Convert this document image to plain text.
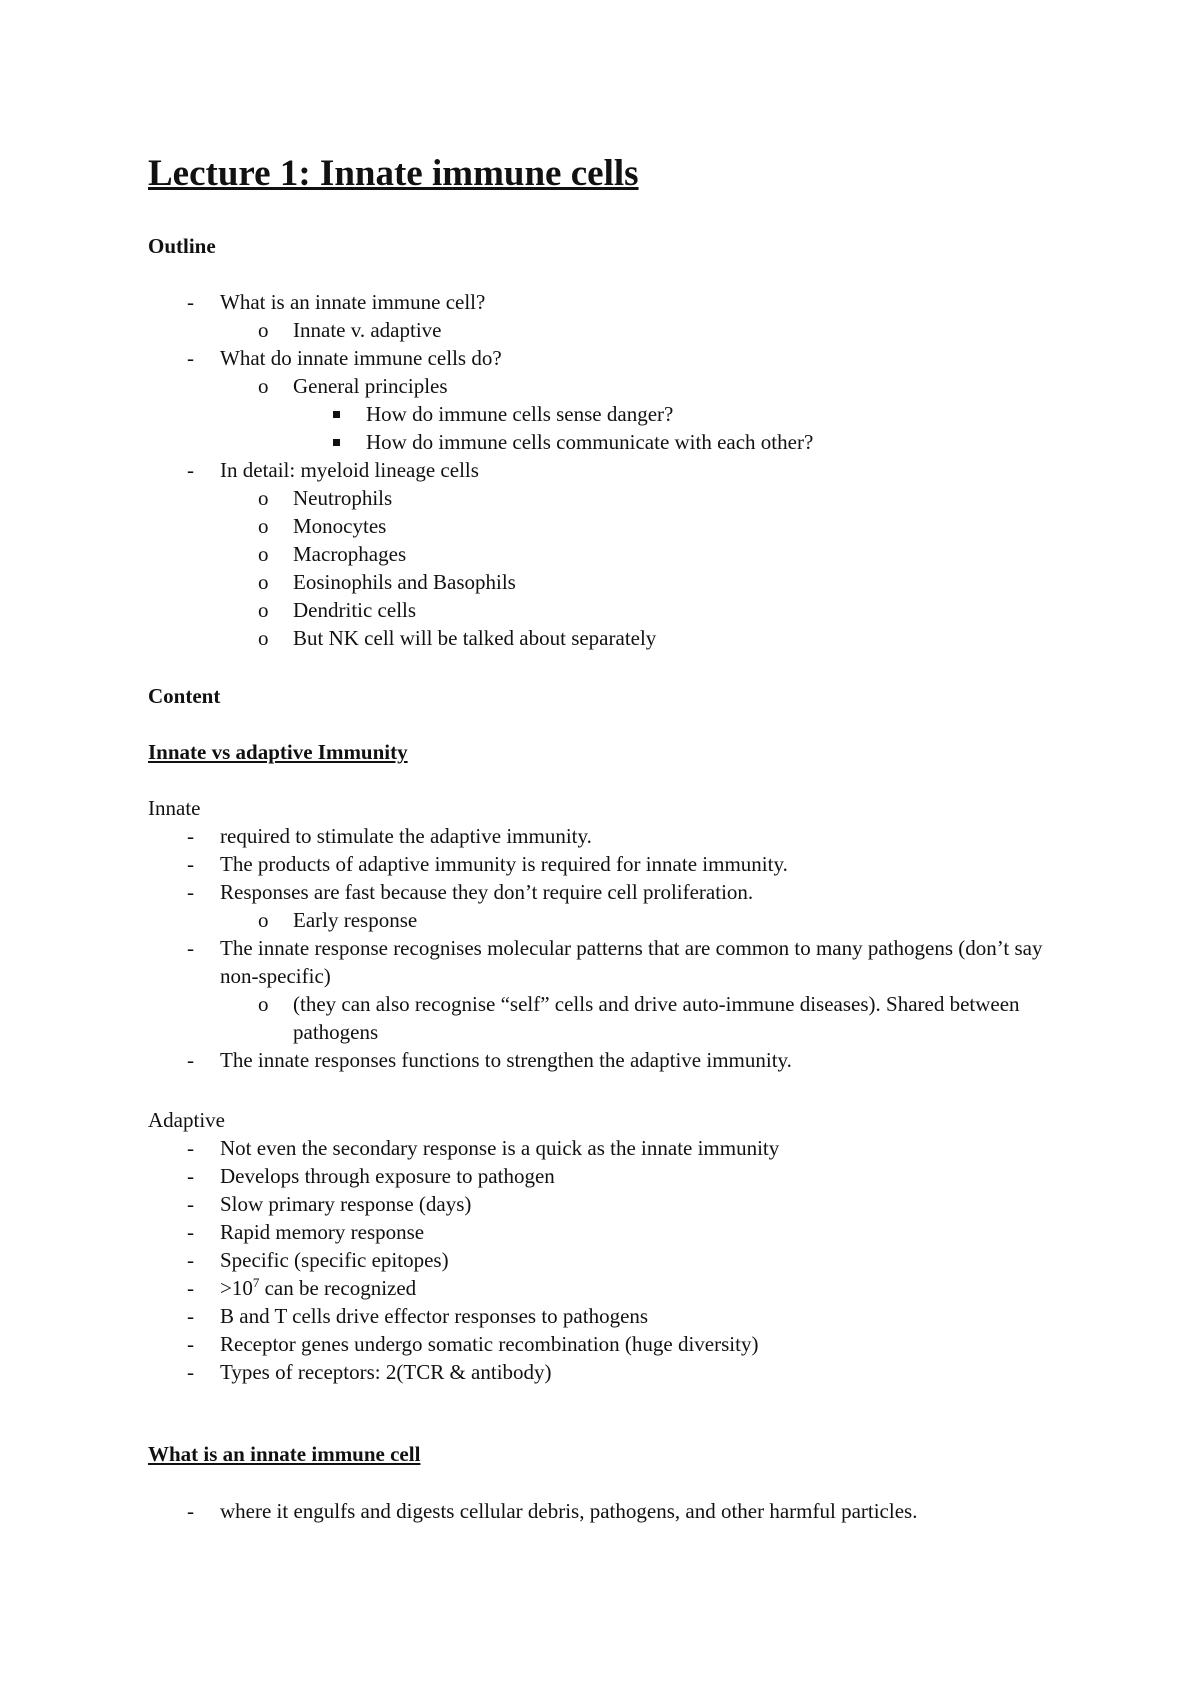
Lecture 1: Innate immune cells
Outline
- What is an innate immune cell?
o Innate v. adaptive
- What do innate immune cells do?
o General principles
How do immune cells sense danger?
How do immune cells communicate with each other?
- In detail: myeloid lineage cells
o Neutrophils
o Monocytes
o Macrophages
o Eosinophils and Basophils
o Dendritic cells
o But NK cell will be talked about separately
Content
Innate vs adaptive Immunity

Innate

- required to stimulate the adaptive immunity.
- The products of adaptive immunity is required for innate immunity.
- Responses are fast because they don’t require cell proliferation.
o Early response
- The innate response recognises molecular patterns that are common to many pathogens (don’t say non-specific)
o (they can also recognise “self” cells and drive auto-immune diseases). Shared between pathogens
- The innate responses functions to strengthen the adaptive immunity.

Adaptive

- Not even the secondary response is a quick as the innate immunity
- Develops through exposure to pathogen
- Slow primary response (days)
- Rapid memory response
- Specific (specific epitopes)
- $>10^7$ can be recognized
- B and T cells drive effector responses to pathogens
- Receptor genes undergo somatic recombination (huge diversity)
- Types of receptors: 2(TCR & antibody)
What is an innate immune cell
- where it engulfs and digests cellular debris, pathogens, and other harmful particles.
